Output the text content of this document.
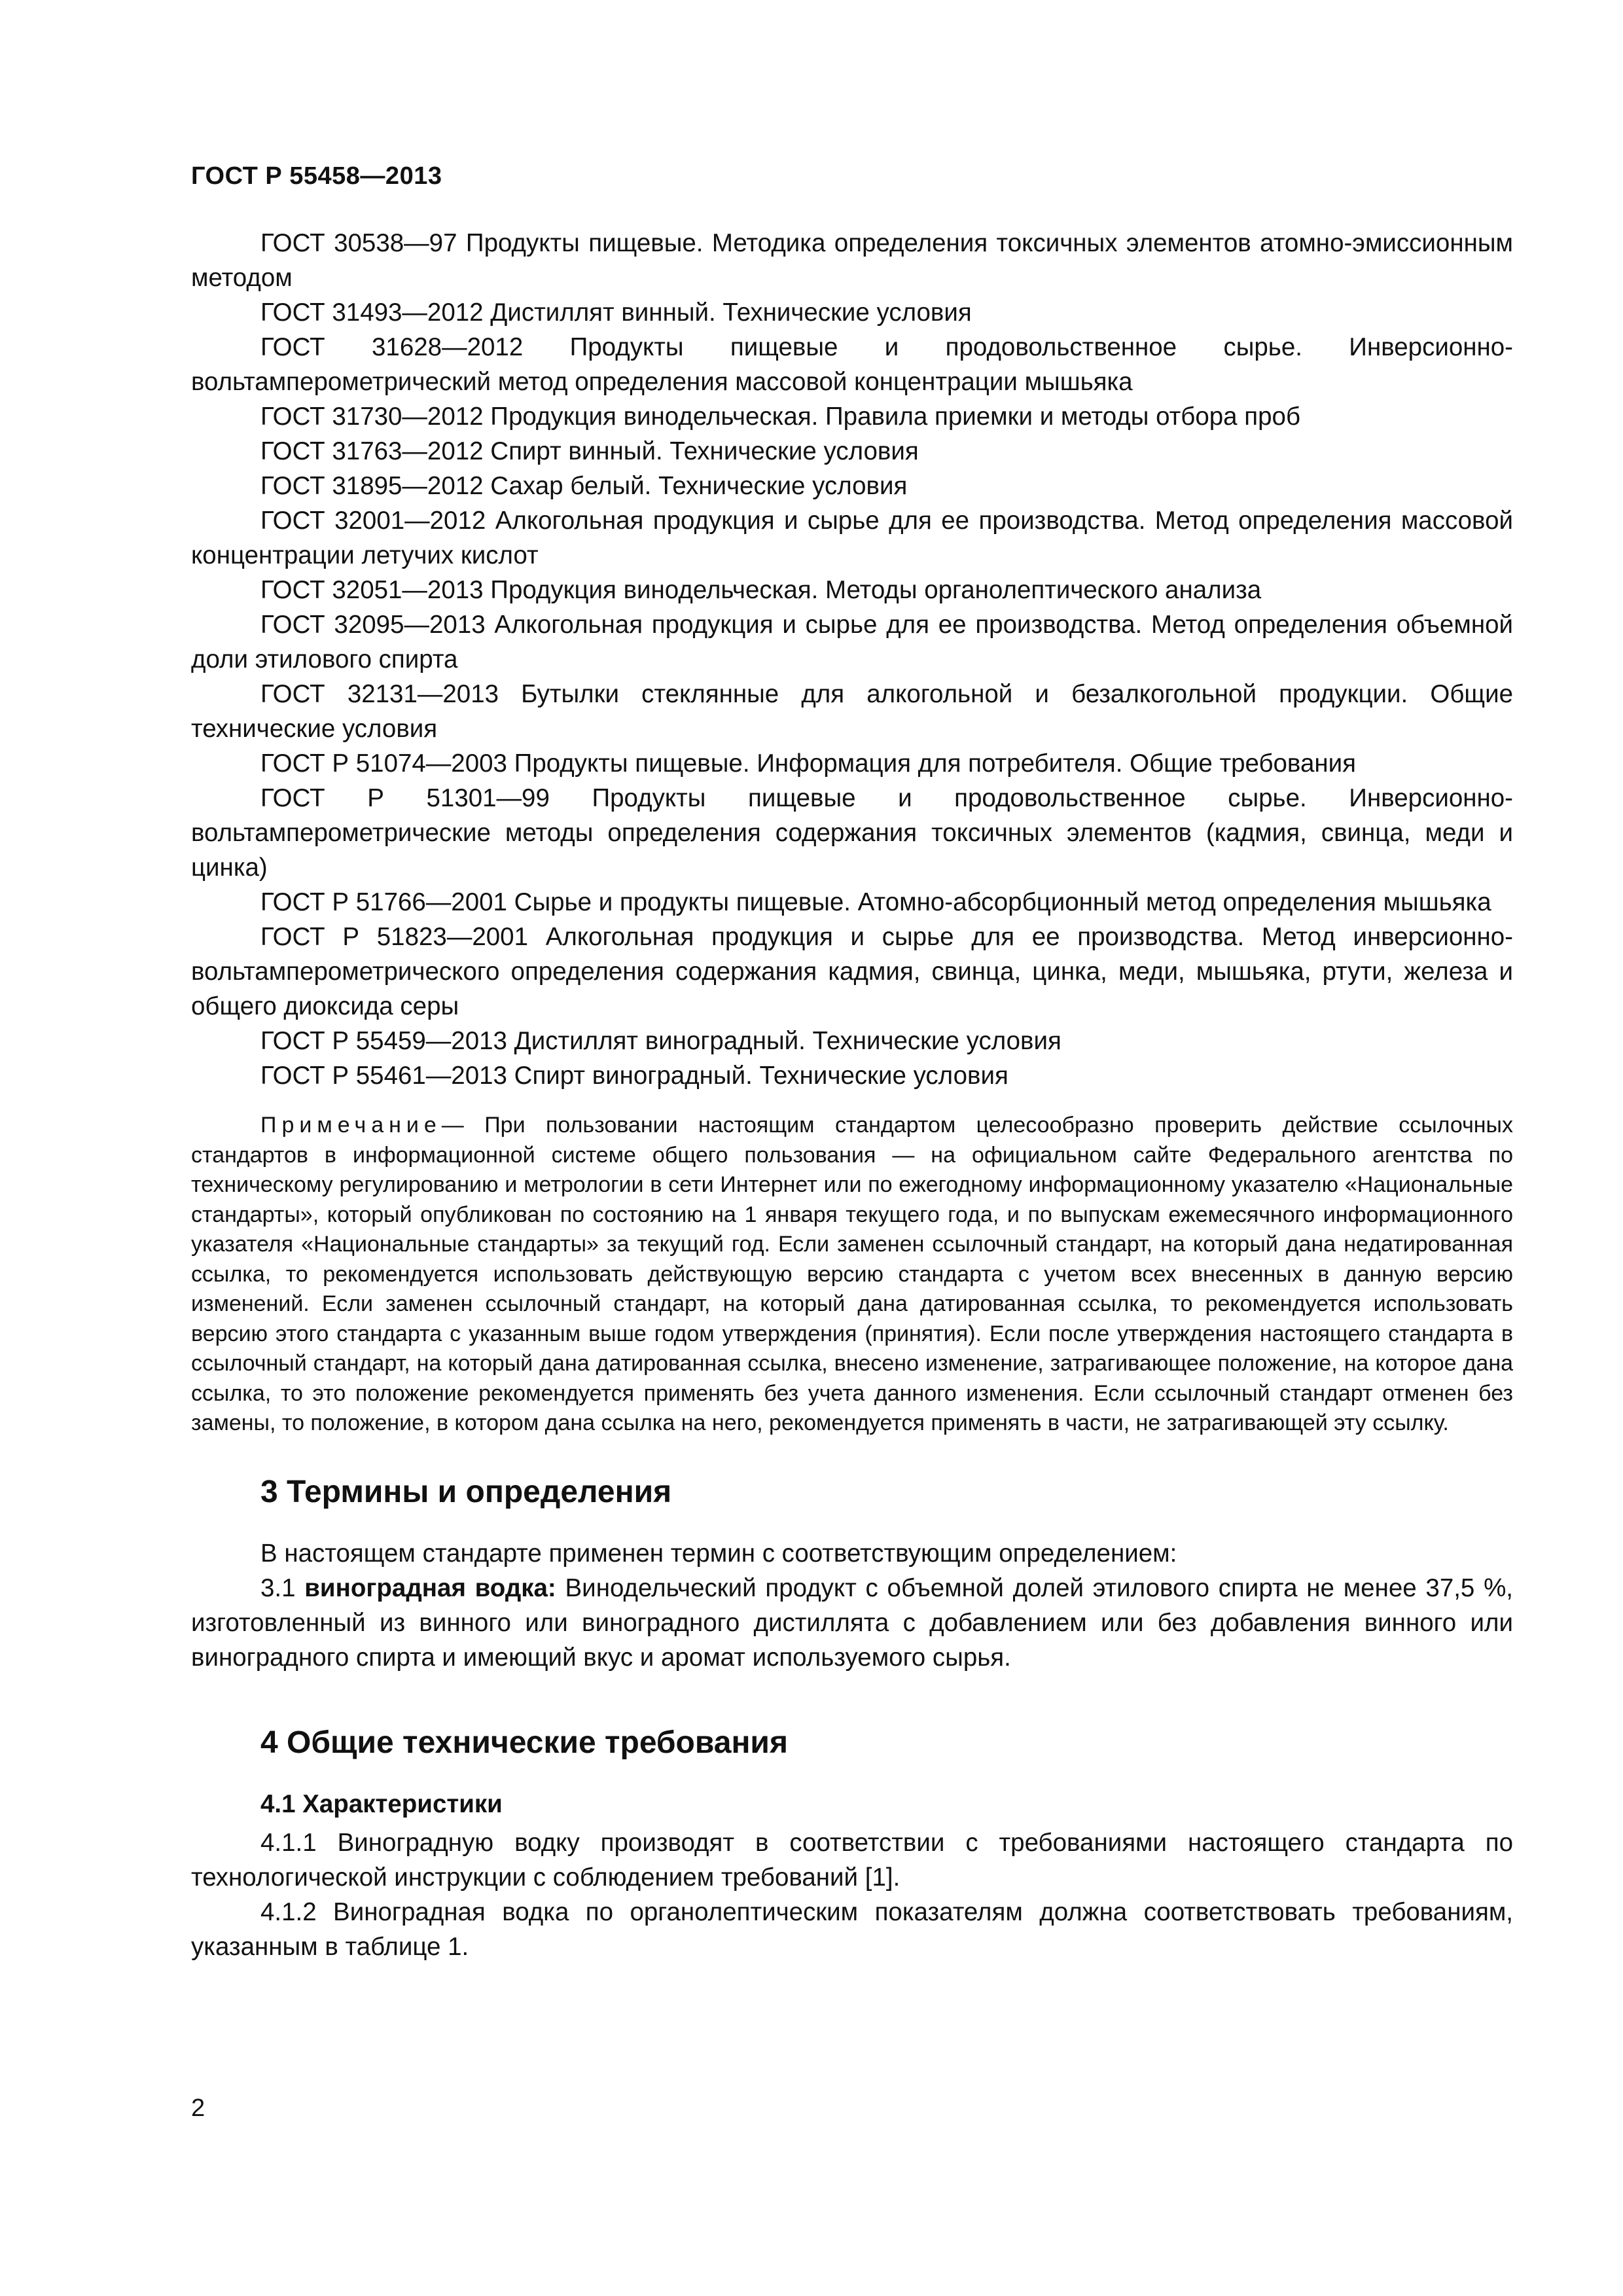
ГОСТ Р 55458—2013

ГОСТ 30538—97 Продукты пищевые. Методика определения токсичных элементов атомно-эмиссионным методом

ГОСТ 31493—2012 Дистиллят винный. Технические условия

ГОСТ 31628—2012 Продукты пищевые и продовольственное сырье. Инверсионно-вольтамперометрический метод определения массовой концентрации мышьяка

ГОСТ 31730—2012 Продукция винодельческая. Правила приемки и методы отбора проб

ГОСТ 31763—2012 Спирт винный. Технические условия

ГОСТ 31895—2012 Сахар белый. Технические условия

ГОСТ 32001—2012 Алкогольная продукция и сырье для ее производства. Метод определения массовой концентрации летучих кислот

ГОСТ 32051—2013 Продукция винодельческая. Методы органолептического анализа

ГОСТ 32095—2013 Алкогольная продукция и сырье для ее производства. Метод определения объемной доли этилового спирта

ГОСТ 32131—2013 Бутылки стеклянные для алкогольной и безалкогольной продукции. Общие технические условия

ГОСТ Р 51074—2003 Продукты пищевые. Информация для потребителя. Общие требования

ГОСТ Р 51301—99 Продукты пищевые и продовольственное сырье. Инверсионно-вольтамперометрические методы определения содержания токсичных элементов (кадмия, свинца, меди и цинка)

ГОСТ Р 51766—2001 Сырье и продукты пищевые. Атомно-абсорбционный метод определения мышьяка

ГОСТ Р 51823—2001 Алкогольная продукция и сырье для ее производства. Метод инверсионно-вольтамперометрического определения содержания кадмия, свинца, цинка, меди, мышьяка, ртути, железа и общего диоксида серы

ГОСТ Р 55459—2013 Дистиллят виноградный. Технические условия

ГОСТ Р 55461—2013 Спирт виноградный. Технические условия

Примечание— При пользовании настоящим стандартом целесообразно проверить действие ссылочных стандартов в информационной системе общего пользования — на официальном сайте Федерального агентства по техническому регулированию и метрологии в сети Интернет или по ежегодному информационному указателю «Национальные стандарты», который опубликован по состоянию на 1 января текущего года, и по выпускам ежемесячного информационного указателя «Национальные стандарты» за текущий год. Если заменен ссылочный стандарт, на который дана недатированная ссылка, то рекомендуется использовать действующую версию стандарта с учетом всех внесенных в данную версию изменений. Если заменен ссылочный стандарт, на который дана датированная ссылка, то рекомендуется использовать версию этого стандарта с указанным выше годом утверждения (принятия). Если после утверждения настоящего стандарта в ссылочный стандарт, на который дана датированная ссылка, внесено изменение, затрагивающее положение, на которое дана ссылка, то это положение рекомендуется применять без учета данного изменения. Если ссылочный стандарт отменен без замены, то положение, в котором дана ссылка на него, рекомендуется применять в части, не затрагивающей эту ссылку.

3 Термины и определения

В настоящем стандарте применен термин с соответствующим определением:

3.1 виноградная водка: Винодельческий продукт с объемной долей этилового спирта не менее 37,5 %, изготовленный из винного или виноградного дистиллята с добавлением или без добавления винного или виноградного спирта и имеющий вкус и аромат используемого сырья.

4 Общие технические требования
4.1 Характеристики

4.1.1 Виноградную водку производят в соответствии с требованиями настоящего стандарта по технологической инструкции с соблюдением требований [1].

4.1.2 Виноградная водка по органолептическим показателям должна соответствовать требованиям, указанным в таблице 1.

2
